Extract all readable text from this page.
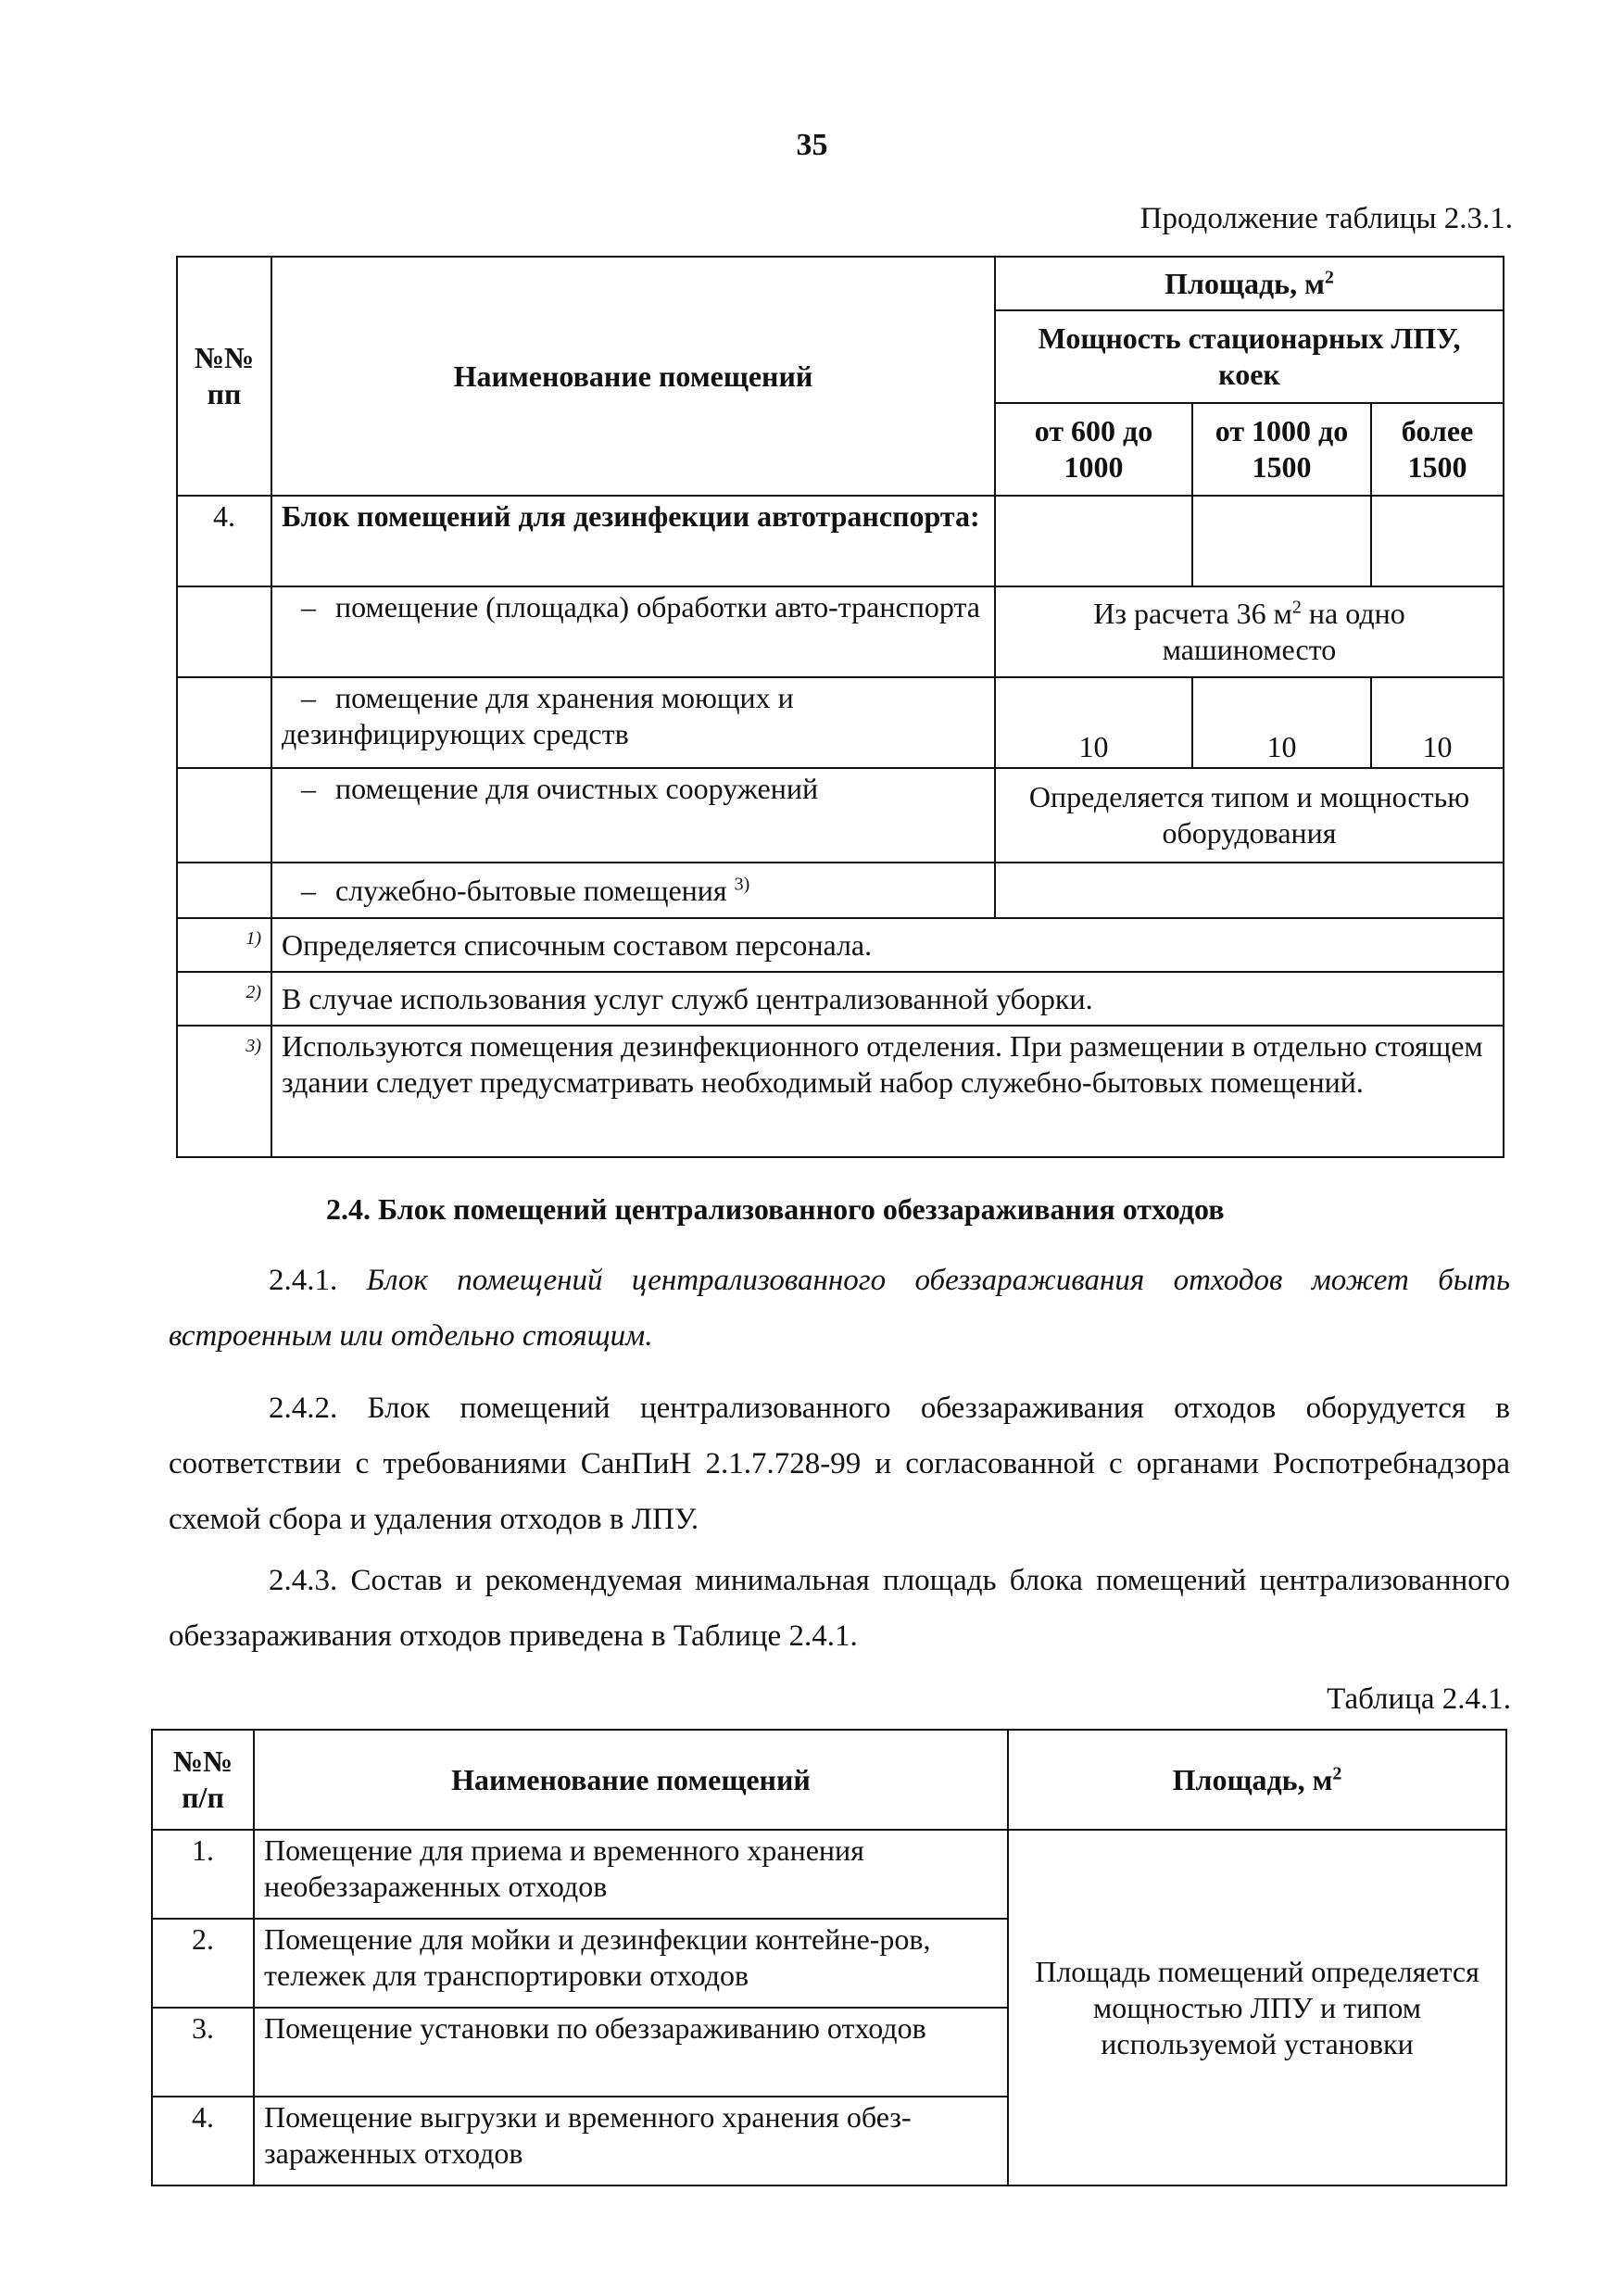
35
Продолжение таблицы 2.3.1.
№№ пп	Наименование помещений	Площадь, $м^2$
		Мощность стационарных ЛПУ, коек		
		от 600 до 1000	от 1000 до 1500	более 1500
4.	Блок помещений для дезинфекции автотранспорта:			
	– помещение (площадка) обработки авто-транспорта	Из расчета 36 $м^2$ на одно машиноместо		
	– помещение для хранения моющих и дезинфицирующих средств	10	10	10
	– помещение для очистных сооружений	Определяется типом и мощностью оборудования		
	– служебно-бытовые помещения $^{3)}$	
1)	Определяется списочным составом персонала.			
2)	В случае использования услуг служб централизованной уборки.			
3)	Используются помещения дезинфекционного отделения. При размещении в отдельно стоящем здании следует предусматривать необходимый набор служебно-бытовых помещений.			
2.4. Блок помещений централизованного обеззараживания отходов
2.4.1. Блок помещений централизованного обеззараживания отходов может быть встроенным или отдельно стоящим.
2.4.2. Блок помещений централизованного обеззараживания отходов оборудуется в соответствии с требованиями СанПиН 2.1.7.728-99 и согласованной с органами Роспотребнадзора схемой сбора и удаления отходов в ЛПУ.
2.4.3. Состав и рекомендуемая минимальная площадь блока помещений централизованного обеззараживания отходов приведена в Таблице 2.4.1.
Таблица 2.4.1.
№№ п/п	Наименование помещений	Площадь, $м^2$
1.	Помещение для приема и временного хранения необеззараженных отходов	Площадь помещений определяется мощностью ЛПУ и типом используемой установки
2.	Помещение для мойки и дезинфекции контейне-ров, тележек для транспортировки отходов	
3.	Помещение установки по обеззараживанию отходов	
4.	Помещение выгрузки и временного хранения обез-зараженных отходов	
